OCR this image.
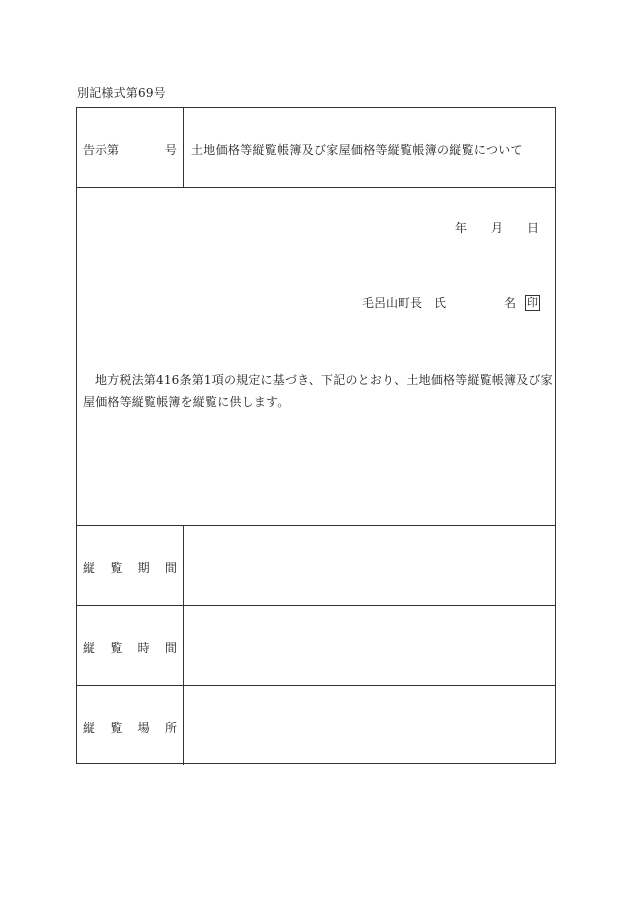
別記様式第69号
告示第	号 土地価格等縦覧帳簿及び家屋価格等縦覧帳簿の縦覧について
年 月 日
毛呂山町長 氏	名 印
地方税法第416条第1項の規定に基づき、下記のとおり、土地価格等縦覧帳簿及び家屋価格等縦覧帳簿を縦覧に供します。
縦 覧 期 間
縦 覧 時 間
縦 覧 場 所
